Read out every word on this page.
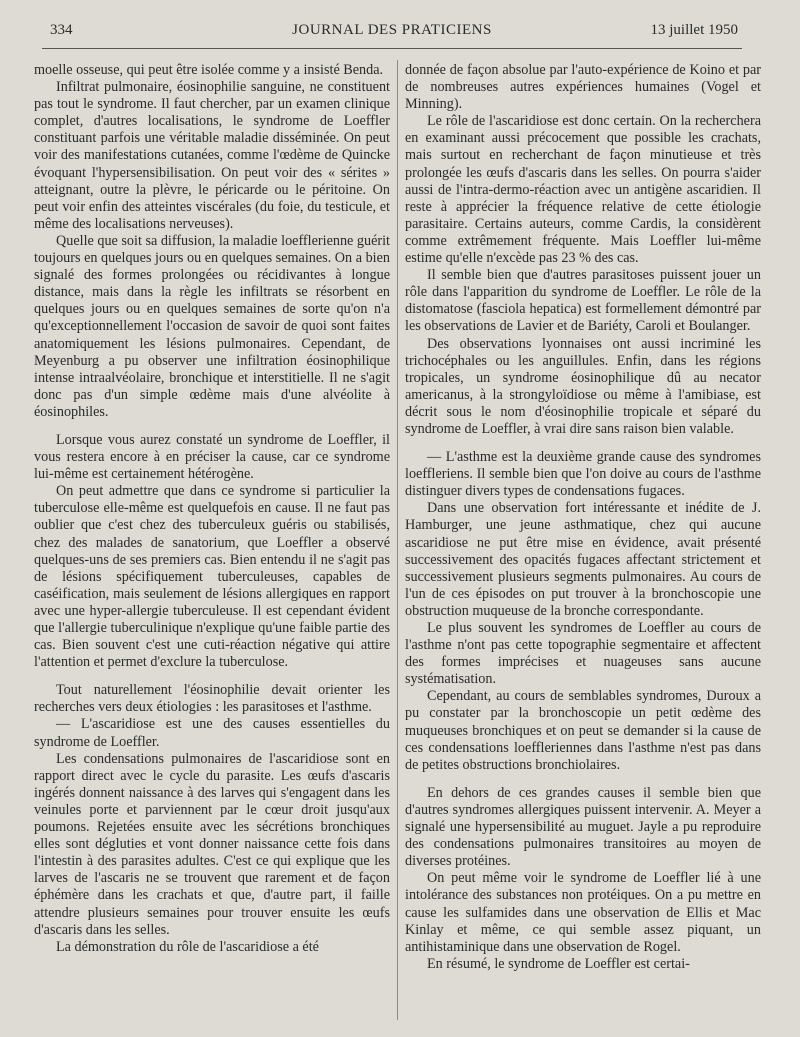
334	JOURNAL DES PRATICIENS	13 juillet 1950

moelle osseuse, qui peut être isolée comme y a insisté Benda.

Infiltrat pulmonaire, éosinophilie sanguine, ne constituent pas tout le syndrome. Il faut chercher, par un examen clinique complet, d'autres localisations, le syndrome de Loeffler constituant parfois une véritable maladie disséminée. On peut voir des manifestations cutanées, comme l'œdème de Quincke évoquant l'hypersensibilisation. On peut voir des « sérites » atteignant, outre la plèvre, le péricarde ou le péritoine. On peut voir enfin des atteintes viscérales (du foie, du testicule, et même des localisations nerveuses).

Quelle que soit sa diffusion, la maladie loefflerienne guérit toujours en quelques jours ou en quelques semaines. On a bien signalé des formes prolongées ou récidivantes à longue distance, mais dans la règle les infiltrats se résorbent en quelques jours ou en quelques semaines de sorte qu'on n'a qu'exceptionnellement l'occasion de savoir de quoi sont faites anatomiquement les lésions pulmonaires. Cependant, de Meyenburg a pu observer une infiltration éosinophilique intense intraalvéolaire, bronchique et interstitielle. Il ne s'agit donc pas d'un simple œdème mais d'une alvéolite à éosinophiles.

Lorsque vous aurez constaté un syndrome de Loeffler, il vous restera encore à en préciser la cause, car ce syndrome lui-même est certainement hétérogène.

On peut admettre que dans ce syndrome si particulier la tuberculose elle-même est quelquefois en cause. Il ne faut pas oublier que c'est chez des tuberculeux guéris ou stabilisés, chez des malades de sanatorium, que Loeffler a observé quelques-uns de ses premiers cas. Bien entendu il ne s'agit pas de lésions spécifiquement tuberculeuses, capables de caséification, mais seulement de lésions allergiques en rapport avec une hyper-allergie tuberculeuse. Il est cependant évident que l'allergie tuberculinique n'explique qu'une faible partie des cas. Bien souvent c'est une cuti-réaction négative qui attire l'attention et permet d'exclure la tuberculose.

Tout naturellement l'éosinophilie devait orienter les recherches vers deux étiologies : les parasitoses et l'asthme.

— L'ascaridiose est une des causes essentielles du syndrome de Loeffler.

Les condensations pulmonaires de l'ascaridiose sont en rapport direct avec le cycle du parasite. Les œufs d'ascaris ingérés donnent naissance à des larves qui s'engagent dans les veinules porte et parviennent par le cœur droit jusqu'aux poumons. Rejetées ensuite avec les sécrétions bronchiques elles sont dégluties et vont donner naissance cette fois dans l'intestin à des parasites adultes. C'est ce qui explique que les larves de l'ascaris ne se trouvent que rarement et de façon éphémère dans les crachats et que, d'autre part, il faille attendre plusieurs semaines pour trouver ensuite les œufs d'ascaris dans les selles.

La démonstration du rôle de l'ascaridiose a été

donnée de façon absolue par l'auto-expérience de Koino et par de nombreuses autres expériences humaines (Vogel et Minning).

Le rôle de l'ascaridiose est donc certain. On la recherchera en examinant aussi précocement que possible les crachats, mais surtout en recherchant de façon minutieuse et très prolongée les œufs d'ascaris dans les selles. On pourra s'aider aussi de l'intra-dermo-réaction avec un antigène ascaridien. Il reste à apprécier la fréquence relative de cette étiologie parasitaire. Certains auteurs, comme Cardis, la considèrent comme extrêmement fréquente. Mais Loeffler lui-même estime qu'elle n'excède pas 23 % des cas.

Il semble bien que d'autres parasitoses puissent jouer un rôle dans l'apparition du syndrome de Loeffler. Le rôle de la distomatose (fasciola hepatica) est formellement démontré par les observations de Lavier et de Bariéty, Caroli et Boulanger.

Des observations lyonnaises ont aussi incriminé les trichocéphales ou les anguillules. Enfin, dans les régions tropicales, un syndrome éosinophilique dû au necator americanus, à la strongyloïdiose ou même à l'amibiase, est décrit sous le nom d'éosinophilie tropicale et séparé du syndrome de Loeffler, à vrai dire sans raison bien valable.

— L'asthme est la deuxième grande cause des syndromes loeffleriens. Il semble bien que l'on doive au cours de l'asthme distinguer divers types de condensations fugaces.

Dans une observation fort intéressante et inédite de J. Hamburger, une jeune asthmatique, chez qui aucune ascaridiose ne put être mise en évidence, avait présenté successivement des opacités fugaces affectant strictement et successivement plusieurs segments pulmonaires. Au cours de l'un de ces épisodes on put trouver à la bronchoscopie une obstruction muqueuse de la bronche correspondante.

Le plus souvent les syndromes de Loeffler au cours de l'asthme n'ont pas cette topographie segmentaire et affectent des formes imprécises et nuageuses sans aucune systématisation.

Cependant, au cours de semblables syndromes, Duroux a pu constater par la bronchoscopie un petit œdème des muqueuses bronchiques et on peut se demander si la cause de ces condensations loeffleriennes dans l'asthme n'est pas dans de petites obstructions bronchiolaires.

En dehors de ces grandes causes il semble bien que d'autres syndromes allergiques puissent intervenir. A. Meyer a signalé une hypersensibilité au muguet. Jayle a pu reproduire des condensations pulmonaires transitoires au moyen de diverses protéines.

On peut même voir le syndrome de Loeffler lié à une intolérance des substances non protéiques. On a pu mettre en cause les sulfamides dans une observation de Ellis et Mac Kinlay et même, ce qui semble assez piquant, un antihistaminique dans une observation de Rogel.

En résumé, le syndrome de Loeffler est certai-
